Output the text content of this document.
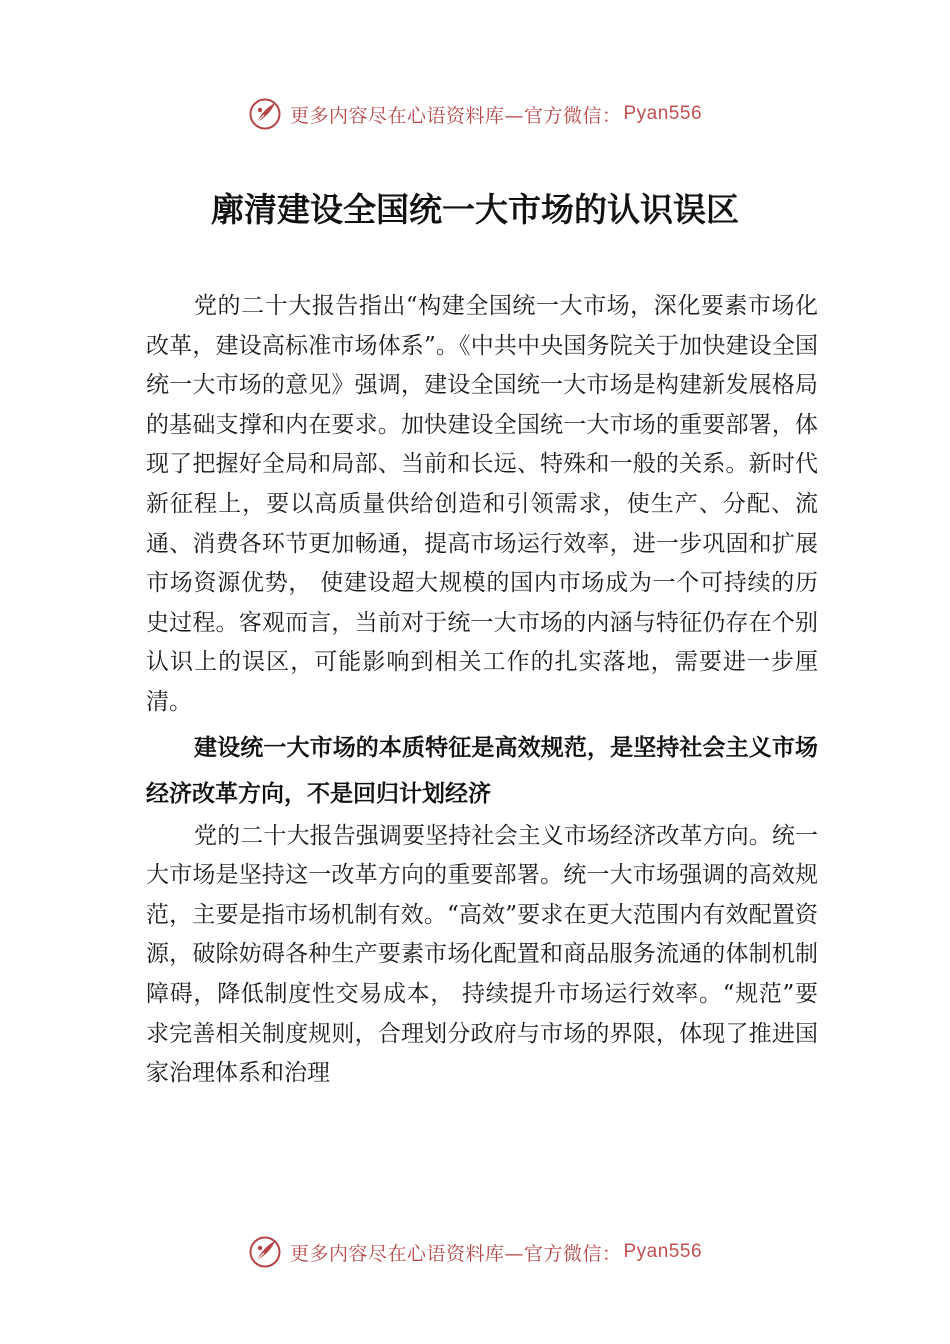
更多内容尽在心语资料库—官方微信： Pyan556
廓清建设全国统一大市场的认识误区

党的二十大报告指出“构建全国统一大市场，深化要素市场化改革，建设高标准市场体系”。《中共中央国务院关于加快建设全国统一大市场的意见》强调，建设全国统一大市场是构建新发展格局的基础支撑和内在要求。加快建设全国统一大市场的重要部署，体现了把握好全局和局部、当前和长远、特殊和一般的关系。新时代新征程上，要以高质量供给创造和引领需求，使生产、分配、流通、消费各环节更加畅通，提高市场运行效率，进一步巩固和扩展市场资源优势， 使建设超大规模的国内市场成为一个可持续的历史过程。客观而言，当前对于统一大市场的内涵与特征仍存在个别认识上的误区，可能影响到相关工作的扎实落地，需要进一步厘清。

建设统一大市场的本质特征是高效规范，是坚持社会主义市场经济改革方向，不是回归计划经济

党的二十大报告强调要坚持社会主义市场经济改革方向。统一大市场是坚持这一改革方向的重要部署。统一大市场强调的高效规范，主要是指市场机制有效。“高效”要求在更大范围内有效配置资源，破除妨碍各种生产要素市场化配置和商品服务流通的体制机制障碍，降低制度性交易成本， 持续提升市场运行效率。“规范”要求完善相关制度规则，合理划分政府与市场的界限，体现了推进国家治理体系和治理

更多内容尽在心语资料库—官方微信： Pyan556
